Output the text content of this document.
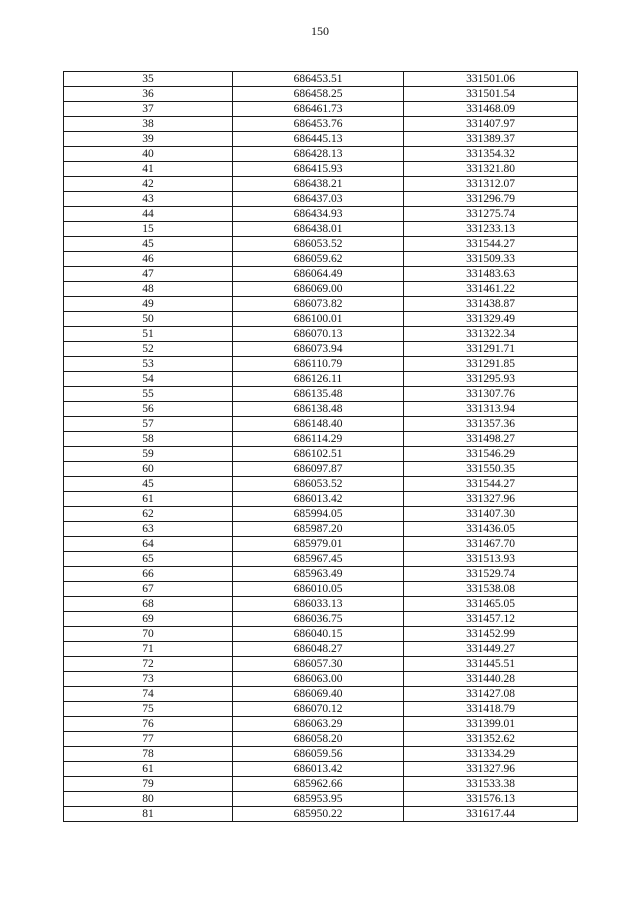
150
35	686453.51	331501.06
36	686458.25	331501.54
37	686461.73	331468.09
38	686453.76	331407.97
39	686445.13	331389.37
40	686428.13	331354.32
41	686415.93	331321.80
42	686438.21	331312.07
43	686437.03	331296.79
44	686434.93	331275.74
15	686438.01	331233.13
45	686053.52	331544.27
46	686059.62	331509.33
47	686064.49	331483.63
48	686069.00	331461.22
49	686073.82	331438.87
50	686100.01	331329.49
51	686070.13	331322.34
52	686073.94	331291.71
53	686110.79	331291.85
54	686126.11	331295.93
55	686135.48	331307.76
56	686138.48	331313.94
57	686148.40	331357.36
58	686114.29	331498.27
59	686102.51	331546.29
60	686097.87	331550.35
45	686053.52	331544.27
61	686013.42	331327.96
62	685994.05	331407.30
63	685987.20	331436.05
64	685979.01	331467.70
65	685967.45	331513.93
66	685963.49	331529.74
67	686010.05	331538.08
68	686033.13	331465.05
69	686036.75	331457.12
70	686040.15	331452.99
71	686048.27	331449.27
72	686057.30	331445.51
73	686063.00	331440.28
74	686069.40	331427.08
75	686070.12	331418.79
76	686063.29	331399.01
77	686058.20	331352.62
78	686059.56	331334.29
61	686013.42	331327.96
79	685962.66	331533.38
80	685953.95	331576.13
81	685950.22	331617.44
